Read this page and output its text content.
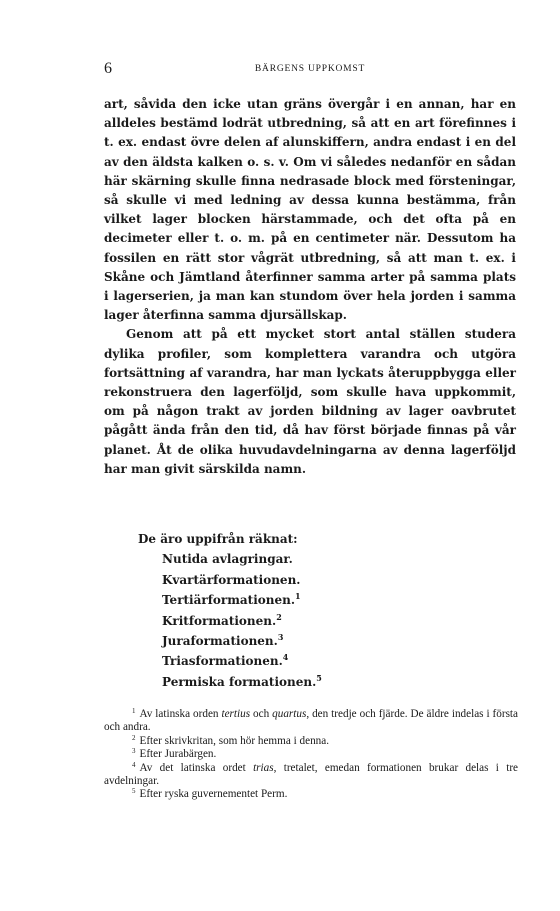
6	BÄRGENS UPPKOMST

art, såvida den icke utan gräns övergår i en annan, har en alldeles bestämd lodrät utbredning, så att en art förefinnes i t. ex. endast övre delen af alunskiffern, andra endast i en del av den äldsta kalken o. s. v. Om vi således nedanför en sådan här skärning skulle finna nedrasade block med försteningar, så skulle vi med ledning av dessa kunna bestämma, från vilket lager blocken härstammade, och det ofta på en decimeter eller t. o. m. på en centimeter när. Dessutom ha fossilen en rätt stor vågrät utbredning, så att man t. ex. i Skåne och Jämtland återfinner samma arter på samma plats i lagerserien, ja man kan stundom över hela jorden i samma lager återfinna samma djursällskap.

Genom att på ett mycket stort antal ställen studera dylika profiler, som komplettera varandra och utgöra fortsättning af varandra, har man lyckats återuppbygga eller rekonstruera den lagerföljd, som skulle hava uppkommit, om på någon trakt av jorden bildning av lager oavbrutet pågått ända från den tid, då hav först började finnas på vår planet. Åt de olika huvudavdelningarna av denna lagerföljd har man givit särskilda namn.

De äro uppifrån räknat:

Nutida avlagringar.
Kvartärformationen.
Tertiärformationen.$^1$
Kritformationen.$^2$
Juraformationen.$^3$
Triasformationen.$^4$
Permiska formationen.$^5$

$^1$ Av latinska orden tertius och quartus, den tredje och fjärde. De äldre indelas i första och andra.

$^2$ Efter skrivkritan, som hör hemma i denna.

$^3$ Efter Jurabärgen.

$^4$ Av det latinska ordet trias, tretalet, emedan formationen brukar delas i tre avdelningar.

$^5$ Efter ryska guvernementet Perm.
